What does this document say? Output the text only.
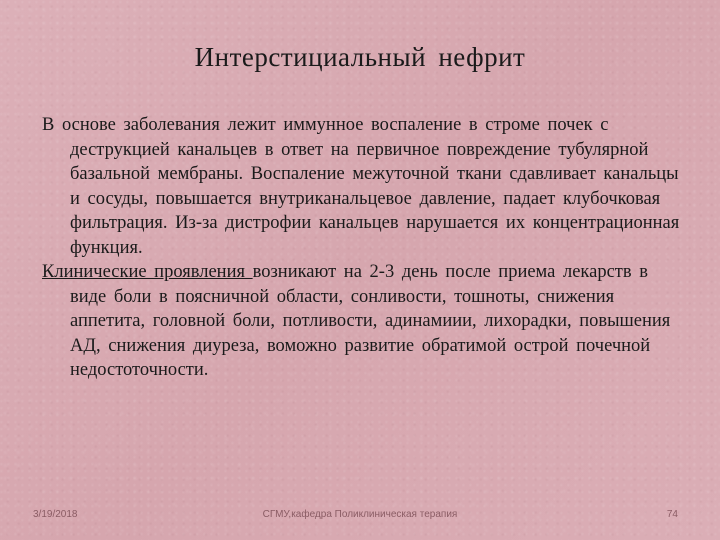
Интерстициальный нефрит

В основе заболевания лежит иммунное воспаление в строме почек с деструкцией канальцев в ответ на первичное повреждение тубулярной базальной мембраны. Воспаление межуточной ткани сдавливает канальцы и сосуды, повышается внутриканальцевое давление, падает клубочковая фильтрация. Из-за дистрофии канальцев нарушается их концентрационная функция.

Клинические проявления возникают на 2-3 день после приема лекарств в виде боли в поясничной области, сонливости, тошноты, снижения аппетита, головной боли, потливости, адинамиии, лихорадки, повышения АД, снижения диуреза, воможно развитие обратимой острой почечной недостоточности.

3/19/2018	СГМУ,кафедра Поликлиническая терапия	74
